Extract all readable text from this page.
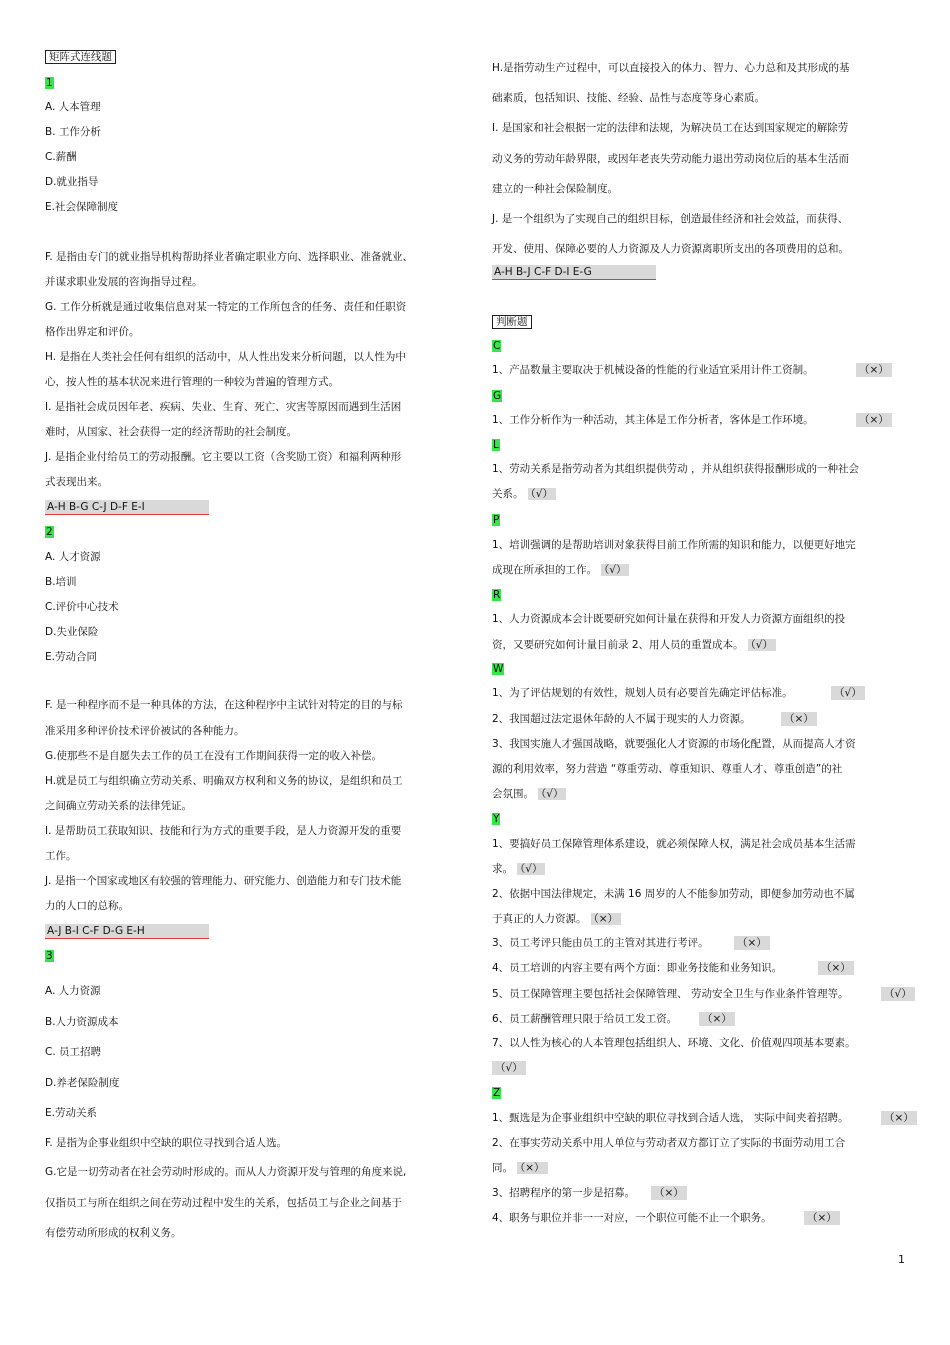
矩阵式连线题
1
A. 人本管理
B. 工作分析
C.薪酬
D.就业指导
E.社会保障制度
F. 是指由专门的就业指导机构帮助择业者确定职业方向、选择职业、准备就业、
并谋求职业发展的咨询指导过程。
G. 工作分析就是通过收集信息对某一特定的工作所包含的任务、责任和任职资
格作出界定和评价。
H. 是指在人类社会任何有组织的活动中，从人性出发来分析问题，以人性为中
心，按人性的基本状况来进行管理的一种较为普遍的管理方式。
I. 是指社会成员因年老、疾病、失业、生育、死亡、灾害等原因而遇到生活困
难时，从国家、社会获得一定的经济帮助的社会制度。
J. 是指企业付给员工的劳动报酬。它主要以工资（含奖励工资）和福利两种形
式表现出来。
A-H B-G C-J D-F E-I
2
A. 人才资源
B.培训
C.评价中心技术
D.失业保险
E.劳动合同
F. 是一种程序而不是一种具体的方法，在这种程序中主试针对特定的目的与标
准采用多种评价技术评价被试的各种能力。
G.使那些不是自愿失去工作的员工在没有工作期间获得一定的收入补偿。
H.就是员工与组织确立劳动关系、明确双方权利和义务的协议，是组织和员工
之间确立劳动关系的法律凭证。
I. 是帮助员工获取知识、技能和行为方式的重要手段，是人力资源开发的重要
工作。
J. 是指一个国家或地区有较强的管理能力、研究能力、创造能力和专门技术能
力的人口的总称。
A-J B-I C-F D-G E-H
3
A. 人力资源
B.人力资源成本
C. 员工招聘
D.养老保险制度
E.劳动关系
F. 是指为企事业组织中空缺的职位寻找到合适人选。
G.它是一切劳动者在社会劳动时形成的。而从人力资源开发与管理的角度来说,
仅指员工与所在组织之间在劳动过程中发生的关系，包括员工与企业之间基于
有偿劳动所形成的权利义务。
H.是指劳动生产过程中，可以直接投入的体力、智力、心力总和及其形成的基
础素质，包括知识、技能、经验、品性与态度等身心素质。
I. 是国家和社会根据一定的法律和法规，为解决员工在达到国家规定的解除劳
动义务的劳动年龄界限，或因年老丧失劳动能力退出劳动岗位后的基本生活而
建立的一种社会保险制度。
J. 是一个组织为了实现自己的组织目标，创造最佳经济和社会效益，而获得、
开发、使用、保障必要的人力资源及人力资源离职所支出的各项费用的总和。
A-H B-J C-F D-I E-G
判断题
C
1、产品数量主要取决于机械设备的性能的行业适宜采用计件工资制。	（×）
G
1、工作分析作为一种活动，其主体是工作分析者，客体是工作环境。	（×）
L
1、劳动关系是指劳动者为其组织提供劳动 ，并从组织获得报酬形成的一种社会
关系。 （√）
P
1、培训强调的是帮助培训对象获得目前工作所需的知识和能力，以便更好地完
成现在所承担的工作。 （√）
R
1、人力资源成本会计既要研究如何计量在获得和开发人力资源方面组织的投
资，又要研究如何计量目前录 2、用人员的重置成本。 （√）
W
1、为了评估规划的有效性，规划人员有必要首先确定评估标准。	（√）
2、我国超过法定退休年龄的人不属于现实的人力资源。	（×）
3、我国实施人才强国战略，就要强化人才资源的市场化配置，从而提高人才资
源的利用效率，努力营造 “尊重劳动、尊重知识、尊重人才、尊重创造”的社
会氛围。 （√）
Y
1、要搞好员工保障管理体系建设，就必须保障人权，满足社会成员基本生活需
求。 （√）
2、依据中国法律规定，未满 16 周岁的人不能参加劳动，即便参加劳动也不属
于真正的人力资源。 （×）
3、员工考评只能由员工的主管对其进行考评。	（×）
4、员工培训的内容主要有两个方面：即业务技能和业务知识。	（×）
5、员工保障管理主要包括社会保障管理、 劳动安全卫生与作业条件管理等。	（√）
6、员工薪酬管理只限于给员工发工资。 （×）
7、以人性为核心的人本管理包括组织人、环境、文化、价值观四项基本要素。
（√）
Z
1、甄选是为企事业组织中空缺的职位寻找到合适人选， 实际中间夹着招聘。	（×）
2、在事实劳动关系中用人单位与劳动者双方都订立了实际的书面劳动用工合
同。 （×）
3、招聘程序的第一步是招募。 （×）
4、职务与职位并非一一对应，一个职位可能不止一个职务。	（×）
1
